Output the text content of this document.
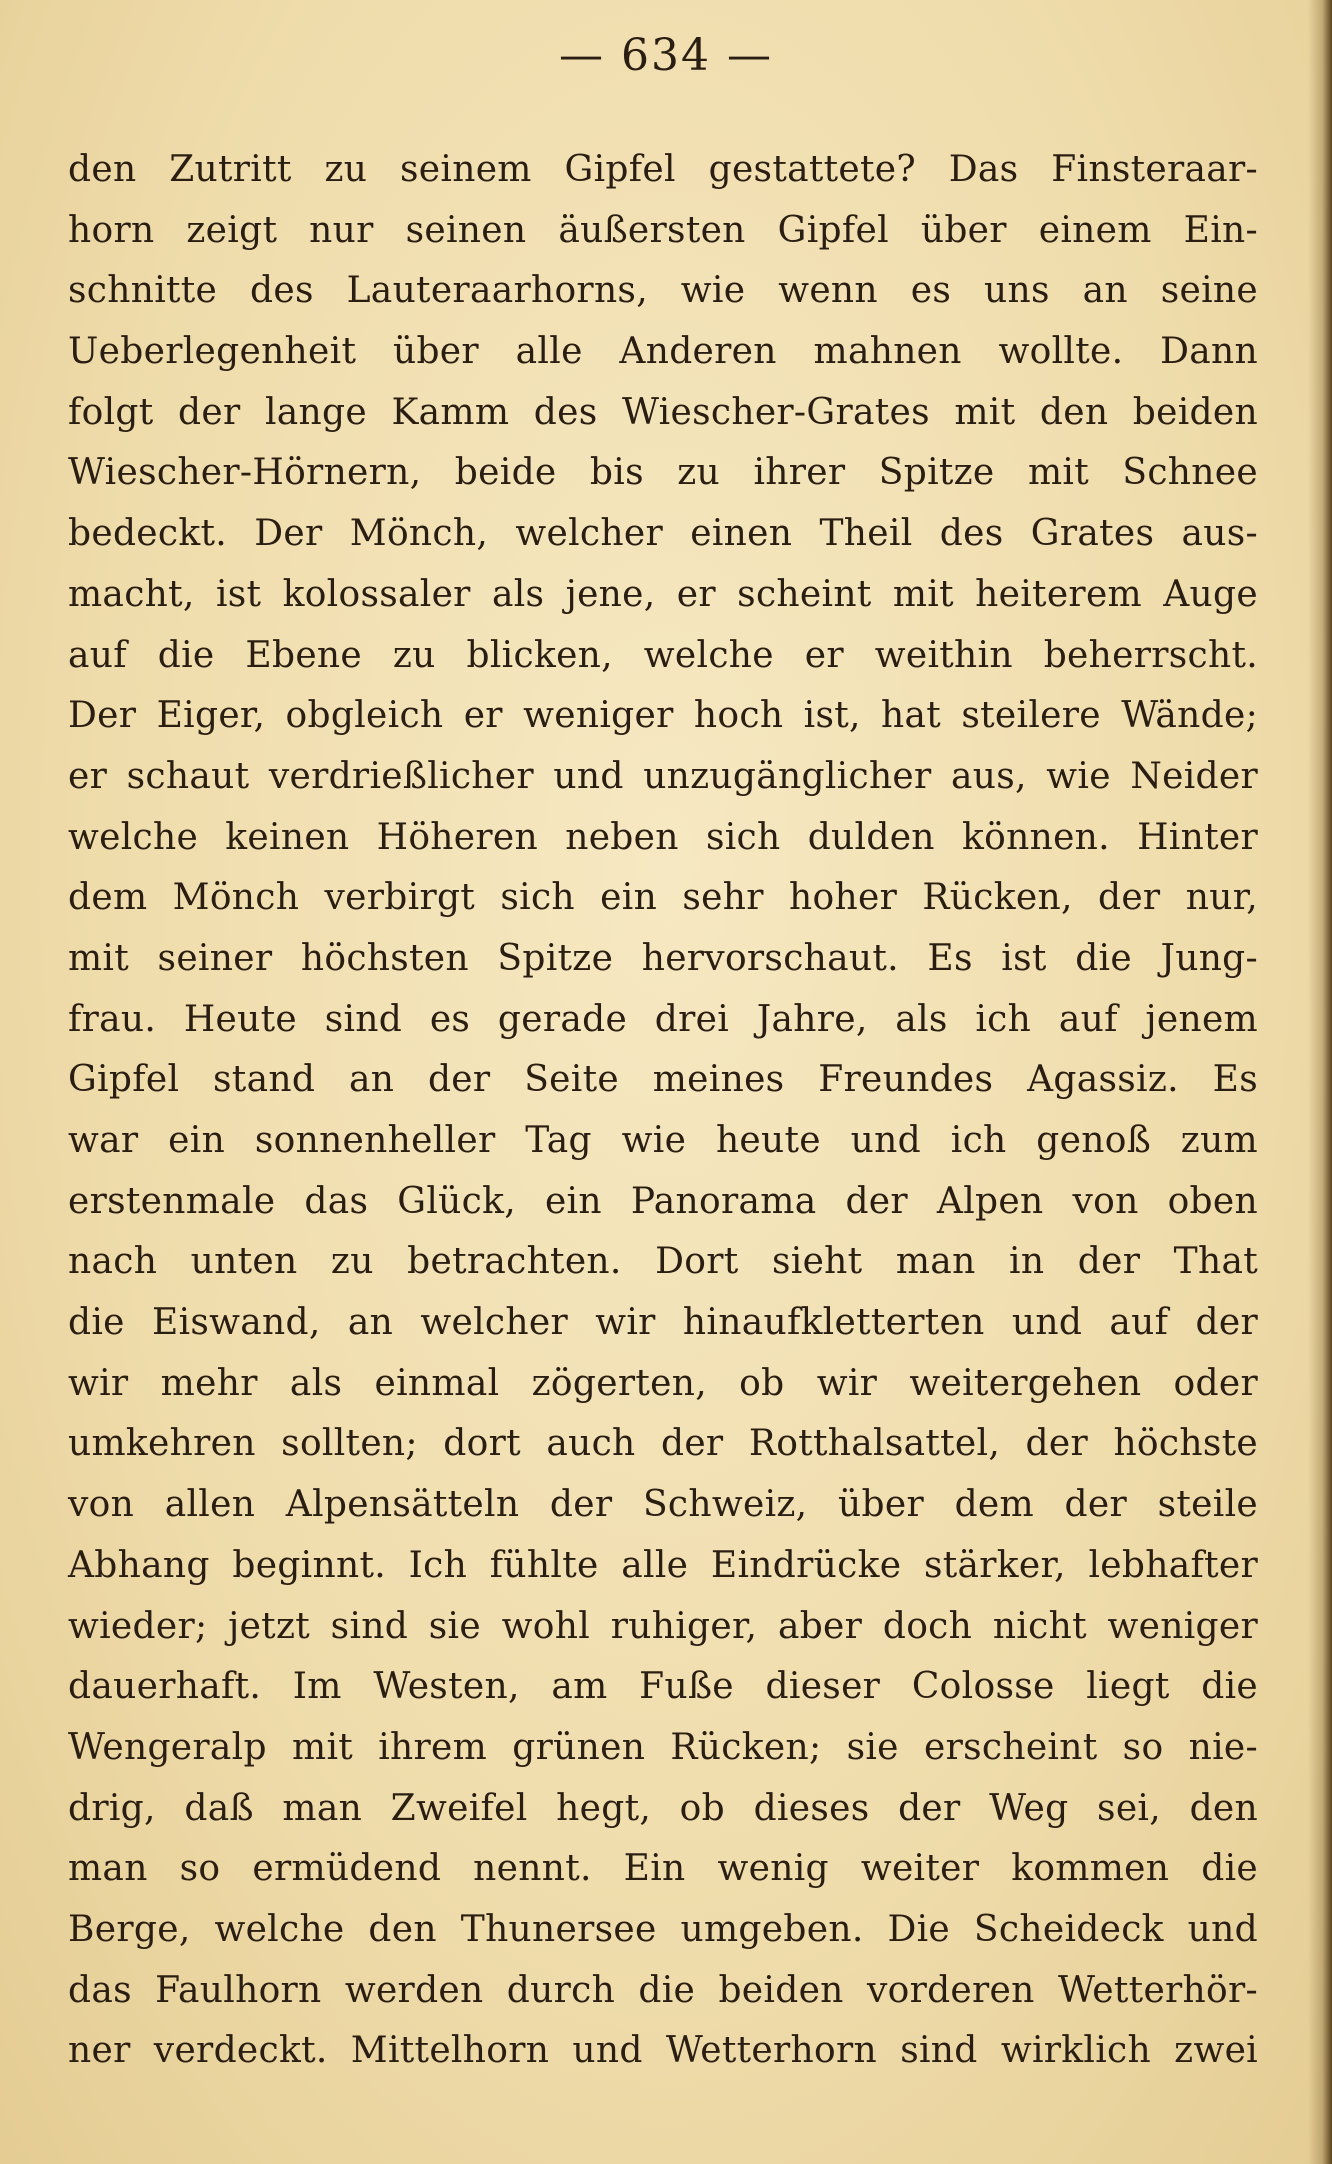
— 634 —
den Zutritt zu seinem Gipfel gestattete? Das Finsteraar-
horn zeigt nur seinen äußersten Gipfel über einem Ein-
schnitte des Lauteraarhorns, wie wenn es uns an seine
Ueberlegenheit über alle Anderen mahnen wollte. Dann
folgt der lange Kamm des Wiescher-Grates mit den beiden
Wiescher-Hörnern, beide bis zu ihrer Spitze mit Schnee
bedeckt. Der Mönch, welcher einen Theil des Grates aus-
macht, ist kolossaler als jene, er scheint mit heiterem Auge
auf die Ebene zu blicken, welche er weithin beherrscht.
Der Eiger, obgleich er weniger hoch ist, hat steilere Wände;
er schaut verdrießlicher und unzugänglicher aus, wie Neider
welche keinen Höheren neben sich dulden können. Hinter
dem Mönch verbirgt sich ein sehr hoher Rücken, der nur,
mit seiner höchsten Spitze hervorschaut. Es ist die Jung-
frau. Heute sind es gerade drei Jahre, als ich auf jenem
Gipfel stand an der Seite meines Freundes Agassiz. Es
war ein sonnenheller Tag wie heute und ich genoß zum
erstenmale das Glück, ein Panorama der Alpen von oben
nach unten zu betrachten. Dort sieht man in der That
die Eiswand, an welcher wir hinaufkletterten und auf der
wir mehr als einmal zögerten, ob wir weitergehen oder
umkehren sollten; dort auch der Rotthalsattel, der höchste
von allen Alpensätteln der Schweiz, über dem der steile
Abhang beginnt. Ich fühlte alle Eindrücke stärker, lebhafter
wieder; jetzt sind sie wohl ruhiger, aber doch nicht weniger
dauerhaft. Im Westen, am Fuße dieser Colosse liegt die
Wengeralp mit ihrem grünen Rücken; sie erscheint so nie-
drig, daß man Zweifel hegt, ob dieses der Weg sei, den
man so ermüdend nennt. Ein wenig weiter kommen die
Berge, welche den Thunersee umgeben. Die Scheideck und
das Faulhorn werden durch die beiden vorderen Wetterhör-
ner verdeckt. Mittelhorn und Wetterhorn sind wirklich zwei
